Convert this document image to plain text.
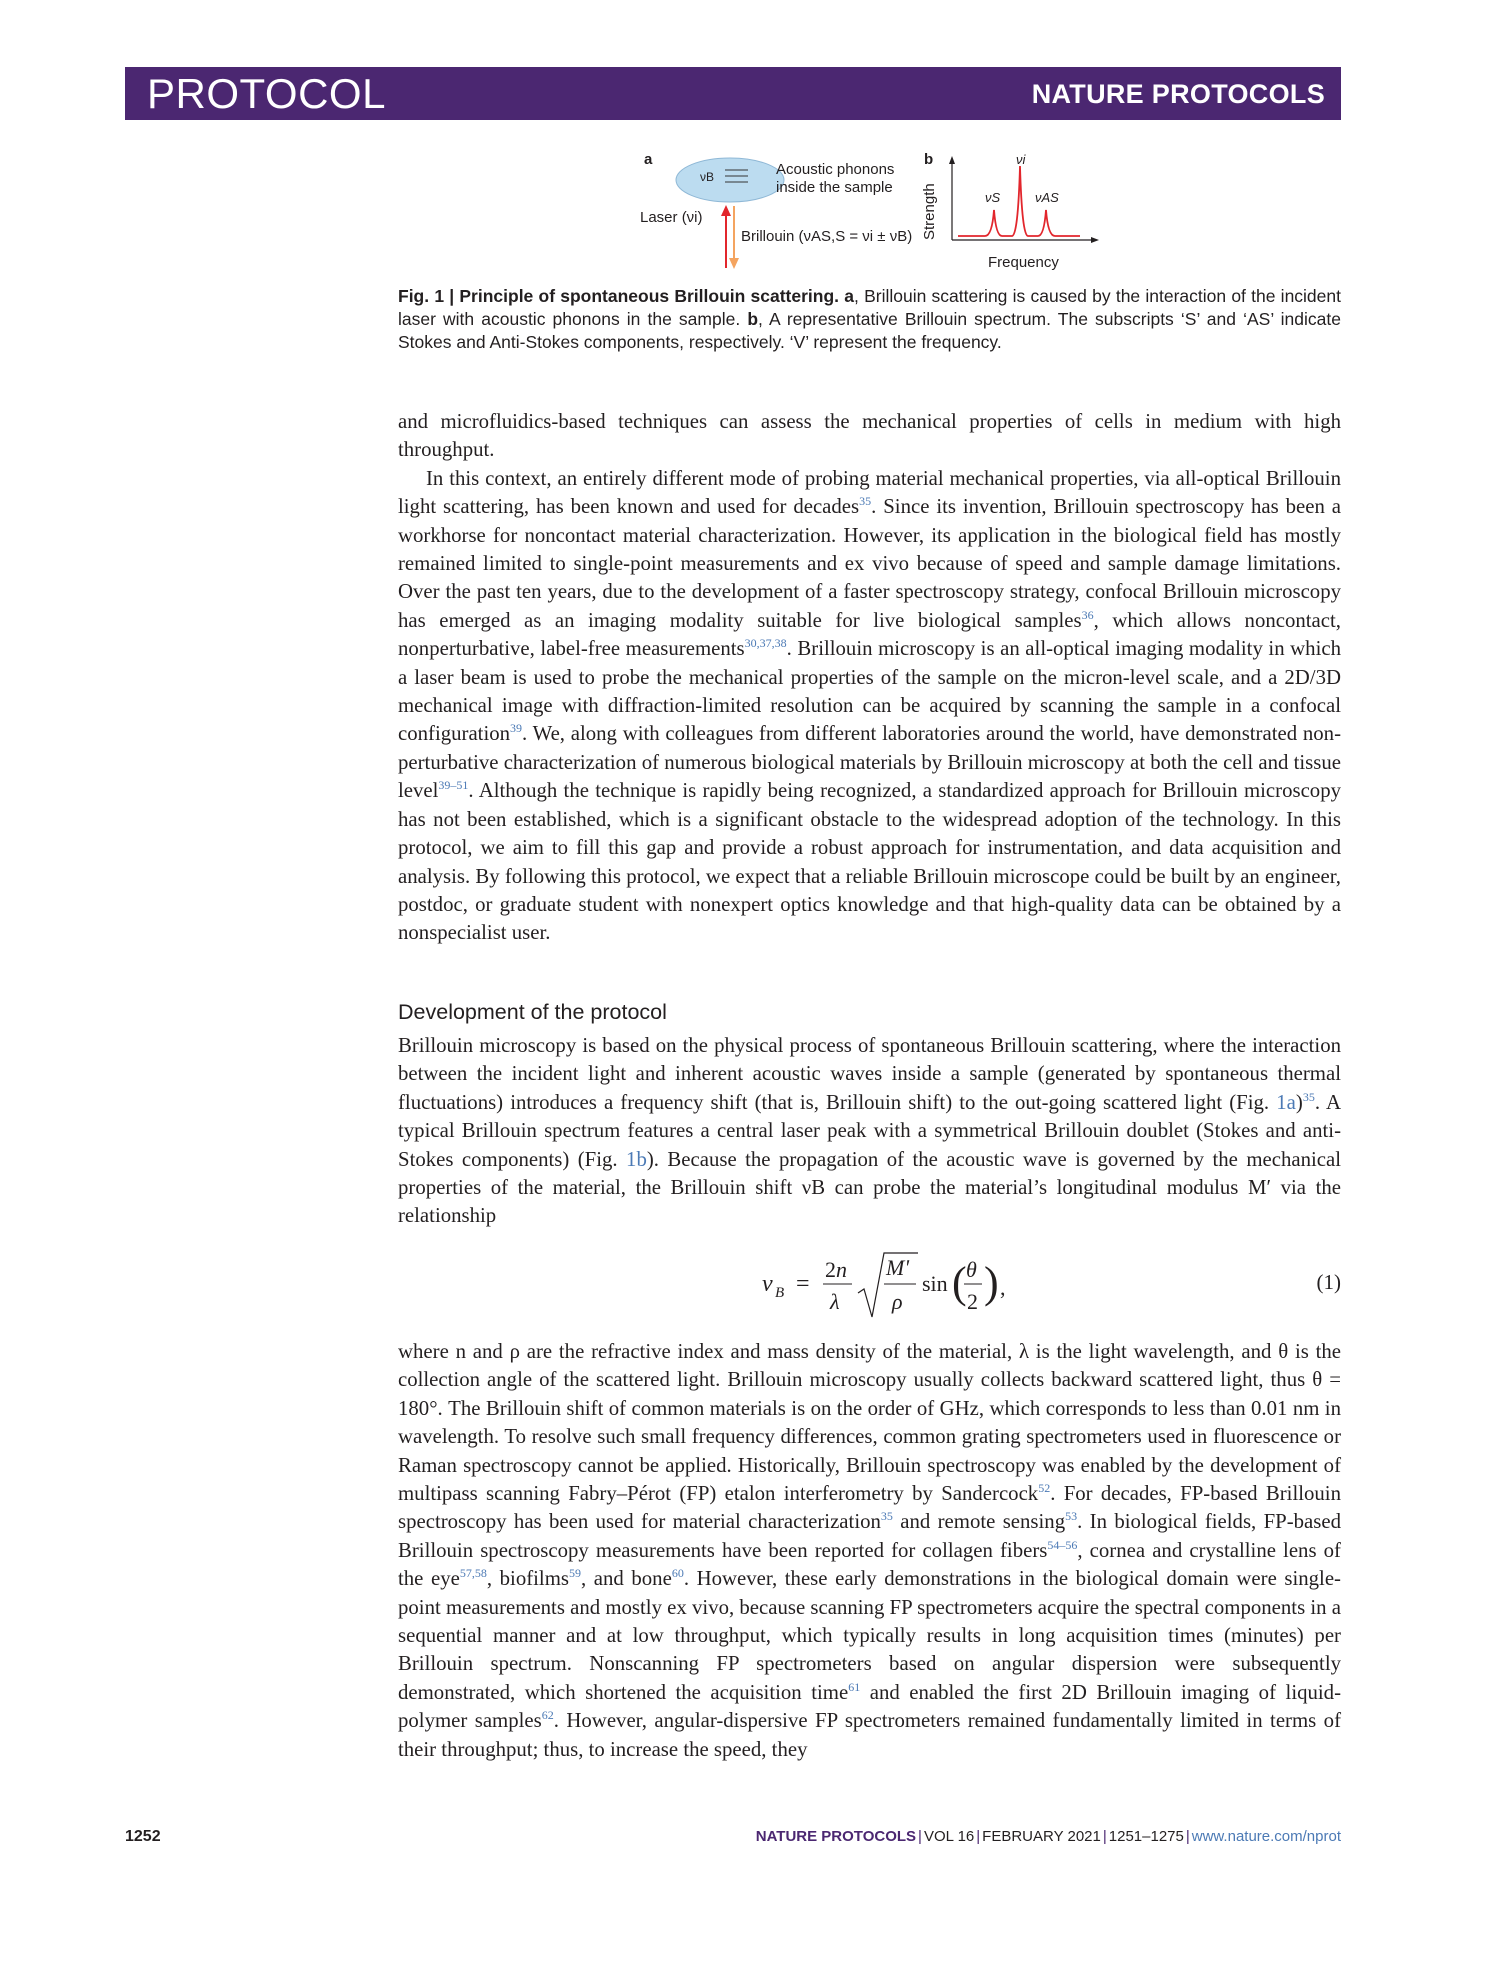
PROTOCOL	NATURE PROTOCOLS
a
νB	Acoustic phonons
inside the sample
Laser (νi)
Brillouin (νAS,S = νi ± νB)
b
Strength
νi
νS	νAS
Frequency
Fig. 1 | Principle of spontaneous Brillouin scattering. a, Brillouin scattering is caused by the interaction of the incident laser with acoustic phonons in the sample. b, A representative Brillouin spectrum. The subscripts ‘S’ and ‘AS’ indicate Stokes and Anti-Stokes components, respectively. ‘V’ represent the frequency.

and microfluidics-based techniques can assess the mechanical properties of cells in medium with high throughput.

In this context, an entirely different mode of probing material mechanical properties, via all-optical Brillouin light scattering, has been known and used for decades$^{35}$. Since its invention, Brillouin spectroscopy has been a workhorse for noncontact material characterization. However, its application in the biological field has mostly remained limited to single-point measurements and ex vivo because of speed and sample damage limitations. Over the past ten years, due to the development of a faster spectroscopy strategy, confocal Brillouin microscopy has emerged as an imaging modality suitable for live biological samples$^{36}$, which allows noncontact, nonperturbative, label-free measurements$^{30,37,38}$. Brillouin microscopy is an all-optical imaging modality in which a laser beam is used to probe the mechanical properties of the sample on the micron-level scale, and a 2D/3D mechanical image with diffraction-limited resolution can be acquired by scanning the sample in a confocal configuration$^{39}$. We, along with colleagues from different laboratories around the world, have demonstrated non-perturbative characterization of numerous biological materials by Brillouin microscopy at both the cell and tissue level$^{39-51}$. Although the technique is rapidly being recognized, a standardized approach for Brillouin microscopy has not been established, which is a significant obstacle to the widespread adoption of the technology. In this protocol, we aim to fill this gap and provide a robust approach for instrumentation, and data acquisition and analysis. By following this protocol, we expect that a reliable Brillouin microscope could be built by an engineer, postdoc, or graduate student with nonexpert optics knowledge and that high-quality data can be obtained by a nonspecialist user.

Development of the protocol

Brillouin microscopy is based on the physical process of spontaneous Brillouin scattering, where the interaction between the incident light and inherent acoustic waves inside a sample (generated by spontaneous thermal fluctuations) introduces a frequency shift (that is, Brillouin shift) to the out-going scattered light (Fig. 1a)$^{35}$. A typical Brillouin spectrum features a central laser peak with a symmetrical Brillouin doublet (Stokes and anti-Stokes components) (Fig. 1b). Because the propagation of the acoustic wave is governed by the mechanical properties of the material, the Brillouin shift νB can probe the material’s longitudinal modulus M′ via the relationship

ν B =
2n
λ
Mʹ
ρ
sin ( θ
2 ) ,	(1)

where n and ρ are the refractive index and mass density of the material, λ is the light wavelength, and θ is the collection angle of the scattered light. Brillouin microscopy usually collects backward scattered light, thus θ = 180°. The Brillouin shift of common materials is on the order of GHz, which corresponds to less than 0.01 nm in wavelength. To resolve such small frequency differences, common grating spectrometers used in fluorescence or Raman spectroscopy cannot be applied. Historically, Brillouin spectroscopy was enabled by the development of multipass scanning Fabry–Pérot (FP) etalon interferometry by Sandercock$^{52}$. For decades, FP-based Brillouin spectroscopy has been used for material characterization$^{35}$ and remote sensing$^{53}$. In biological fields, FP-based Brillouin spectroscopy measurements have been reported for collagen fibers$^{54-56}$, cornea and crystalline lens of the eye$^{57,58}$, biofilms$^{59}$, and bone$^{60}$. However, these early demonstrations in the biological domain were single-point measurements and mostly ex vivo, because scanning FP spectrometers acquire the spectral components in a sequential manner and at low throughput, which typically results in long acquisition times (minutes) per Brillouin spectrum. Nonscanning FP spectrometers based on angular dispersion were subsequently demonstrated, which shortened the acquisition time$^{61}$ and enabled the first 2D Brillouin imaging of liquid-polymer samples$^{62}$. However, angular-dispersive FP spectrometers remained fundamentally limited in terms of their throughput; thus, to increase the speed, they

1252	NATURE PROTOCOLS | VOL 16 | FEBRUARY 2021 | 1251–1275 | www.nature.com/nprot
